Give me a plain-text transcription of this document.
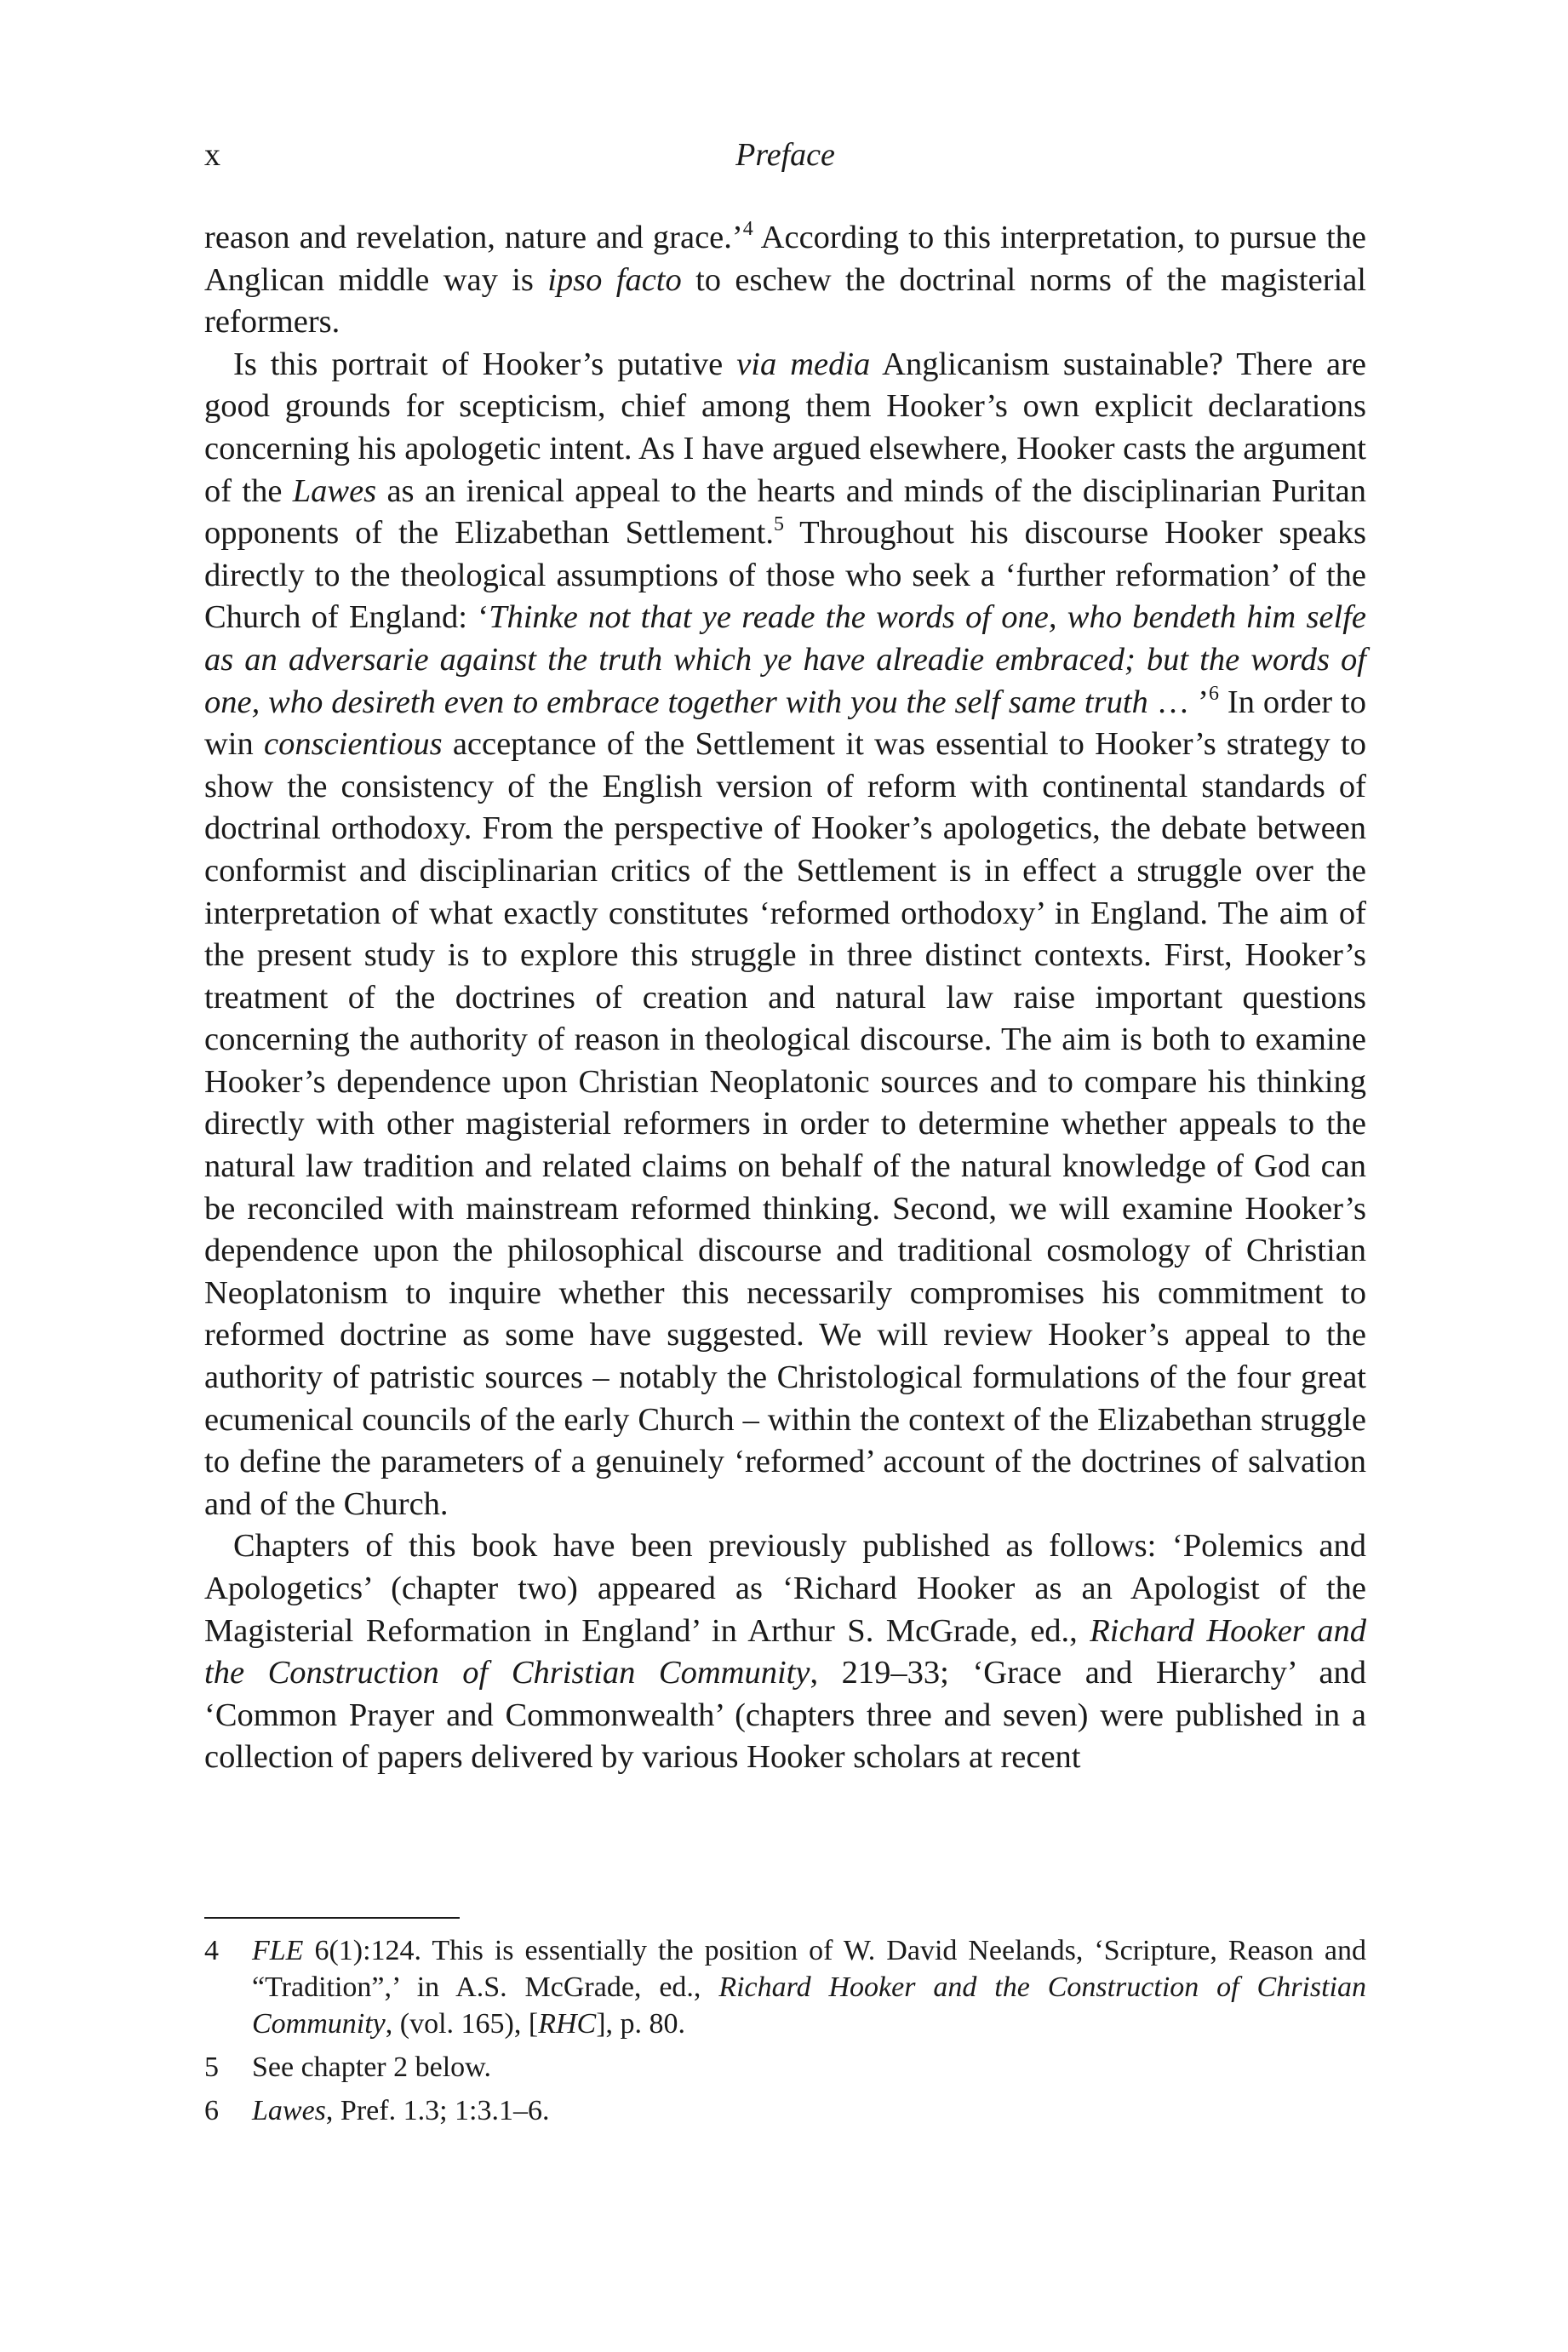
x	Preface

reason and revelation, nature and grace.’$^4$ According to this interpretation, to pursue the Anglican middle way is ipso facto to eschew the doctrinal norms of the magisterial reformers.

Is this portrait of Hooker’s putative via media Anglicanism sustainable? There are good grounds for scepticism, chief among them Hooker’s own explicit declarations concerning his apologetic intent. As I have argued elsewhere, Hooker casts the argument of the Lawes as an irenical appeal to the hearts and minds of the disciplinarian Puritan opponents of the Elizabethan Settlement.$^5$ Throughout his discourse Hooker speaks directly to the theological assumptions of those who seek a ‘further reformation’ of the Church of England: ‘Thinke not that ye reade the words of one, who bendeth him selfe as an adversarie against the truth which ye have alreadie embraced; but the words of one, who desireth even to embrace together with you the self same truth … ’$^6$ In order to win conscientious acceptance of the Settlement it was essential to Hooker’s strategy to show the consistency of the English version of reform with continental standards of doctrinal orthodoxy. From the perspective of Hooker’s apologetics, the debate between conformist and disciplinarian critics of the Settlement is in effect a struggle over the interpretation of what exactly constitutes ‘reformed orthodoxy’ in England. The aim of the present study is to explore this struggle in three distinct contexts. First, Hooker’s treatment of the doctrines of creation and natural law raise important questions concerning the authority of reason in theological discourse. The aim is both to examine Hooker’s dependence upon Christian Neoplatonic sources and to compare his thinking directly with other magisterial reformers in order to determine whether appeals to the natural law tradition and related claims on behalf of the natural knowledge of God can be reconciled with mainstream reformed thinking. Second, we will examine Hooker’s dependence upon the philosophical discourse and traditional cosmology of Christian Neoplatonism to inquire whether this necessarily compromises his commitment to reformed doctrine as some have suggested. We will review Hooker’s appeal to the authority of patristic sources – notably the Christological formulations of the four great ecumenical councils of the early Church – within the context of the Elizabethan struggle to define the parameters of a genuinely ‘reformed’ account of the doctrines of salvation and of the Church.

Chapters of this book have been previously published as follows: ‘Polemics and Apologetics’ (chapter two) appeared as ‘Richard Hooker as an Apologist of the Magisterial Reformation in England’ in Arthur S. McGrade, ed., Richard Hooker and the Construction of Christian Community, 219–33; ‘Grace and Hierarchy’ and ‘Common Prayer and Commonwealth’ (chapters three and seven) were published in a collection of papers delivered by various Hooker scholars at recent

4 FLE 6(1):124. This is essentially the position of W. David Neelands, ‘Scripture, Reason and “Tradition”,’ in A.S. McGrade, ed., Richard Hooker and the Construction of Christian Community, (vol. 165), [RHC], p. 80.
5 See chapter 2 below.
6 Lawes, Pref. 1.3; 1:3.1–6.
